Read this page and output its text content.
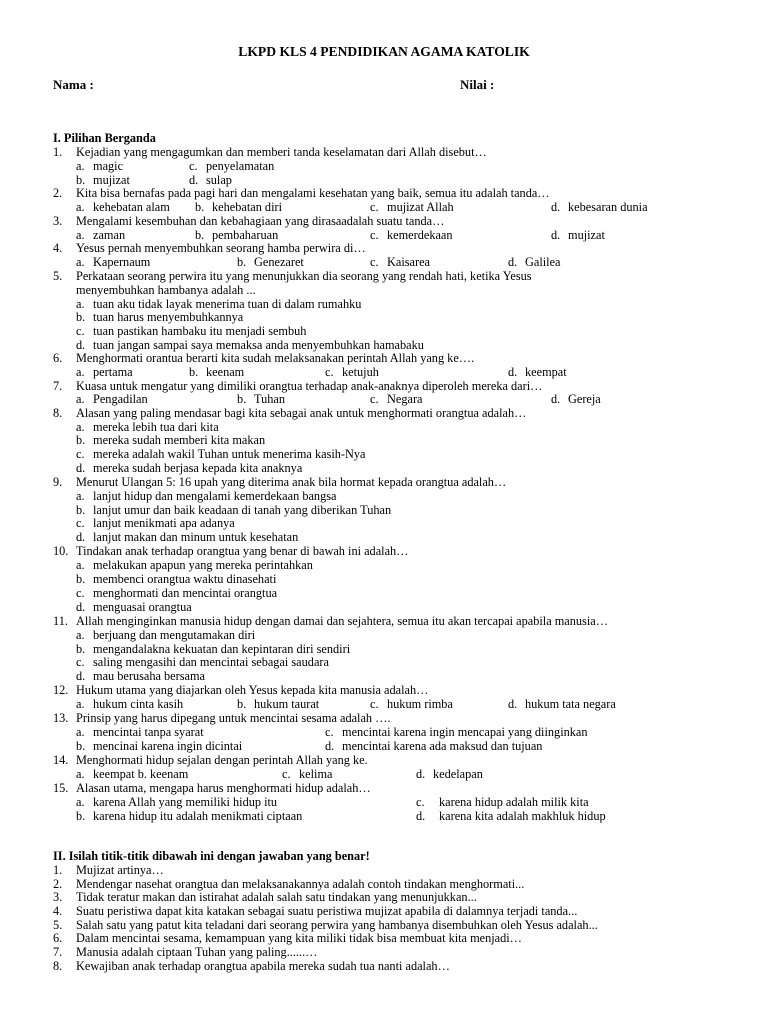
LKPD KLS 4 PENDIDIKAN AGAMA KATOLIK
Nama :	Nilai :
I. Pilihan Berganda
1. Kejadian yang mengagumkan dan memberi tanda keselamatan dari Allah disebut…
a. magic	c. penyelamatan
b. mujizat	d. sulap
2. Kita bisa bernafas pada pagi hari dan mengalami kesehatan yang baik, semua itu adalah tanda…
a. kehebatan alam b. kehebatan diri	c. mujizat Allah	d. kebesaran dunia
3. Mengalami kesembuhan dan kebahagiaan yang dirasaadalah suatu tanda…
a. zaman	b. pembaharuan	c. kemerdekaan	d. mujizat
4. Yesus pernah menyembuhkan seorang hamba perwira di…
a. Kapernaum	b. Genezaret	c. Kaisarea	d. Galilea
5. Perkataan seorang perwira itu yang menunjukkan dia seorang yang rendah hati, ketika Yesus
menyembuhkan hambanya adalah ...
a. tuan aku tidak layak menerima tuan di dalam rumahku
b. tuan harus menyembuhkannya
c. tuan pastikan hambaku itu menjadi sembuh
d. tuan jangan sampai saya memaksa anda menyembuhkan hamabaku
6. Menghormati orantua berarti kita sudah melaksanakan perintah Allah yang ke….
a. pertama	b. keenam	c. ketujuh	d. keempat
7. Kuasa untuk mengatur yang dimiliki orangtua terhadap anak-anaknya diperoleh mereka dari…
a. Pengadilan	b. Tuhan	c. Negara	d. Gereja
8. Alasan yang paling mendasar bagi kita sebagai anak untuk menghormati orangtua adalah…
a. mereka lebih tua dari kita
b. mereka sudah memberi kita makan
c. mereka adalah wakil Tuhan untuk menerima kasih-Nya
d. mereka sudah berjasa kepada kita anaknya
9. Menurut Ulangan 5: 16 upah yang diterima anak bila hormat kepada orangtua adalah…
a. lanjut hidup dan mengalami kemerdekaan bangsa
b. lanjut umur dan baik keadaan di tanah yang diberikan Tuhan
c. lanjut menikmati apa adanya
d. lanjut makan dan minum untuk kesehatan
10. Tindakan anak terhadap orangtua yang benar di bawah ini adalah…
a. melakukan apapun yang mereka perintahkan
b. membenci orangtua waktu dinasehati
c. menghormati dan mencintai orangtua
d. menguasai orangtua
11. Allah menginginkan manusia hidup dengan damai dan sejahtera, semua itu akan tercapai apabila manusia…
a. berjuang dan mengutamakan diri
b. mengandalakna kekuatan dan kepintaran diri sendiri
c. saling mengasihi dan mencintai sebagai saudara
d. mau berusaha bersama
12. Hukum utama yang diajarkan oleh Yesus kepada kita manusia adalah…
a. hukum cinta kasih	b. hukum taurat	c. hukum rimba	d. hukum tata negara
13. Prinsip yang harus dipegang untuk mencintai sesama adalah ….
a. mencintai tanpa syarat	c. mencintai karena ingin mencapai yang diinginkan
b. mencinai karena ingin dicintai	d. mencintai karena ada maksud dan tujuan
14. Menghormati hidup sejalan dengan perintah Allah yang ke.
a. keempat b. keenam	c. kelima	d. kedelapan
15. Alasan utama, mengapa harus menghormati hidup adalah…
a. karena Allah yang memiliki hidup itu	c. karena hidup adalah milik kita
b. karena hidup itu adalah menikmati ciptaan	d. karena kita adalah makhluk hidup
II. Isilah titik-titik dibawah ini dengan jawaban yang benar!
1. Mujizat artinya…
2. Mendengar nasehat orangtua dan melaksanakannya adalah contoh tindakan menghormati...
3. Tidak teratur makan dan istirahat adalah salah satu tindakan yang menunjukkan...
4. Suatu peristiwa dapat kita katakan sebagai suatu peristiwa mujizat apabila di dalamnya terjadi tanda...
5. Salah satu yang patut kita teladani dari seorang perwira yang hambanya disembuhkan oleh Yesus adalah...
6. Dalam mencintai sesama, kemampuan yang kita miliki tidak bisa membuat kita menjadi…
7. Manusia adalah ciptaan Tuhan yang paling......…
8. Kewajiban anak terhadap orangtua apabila mereka sudah tua nanti adalah…
